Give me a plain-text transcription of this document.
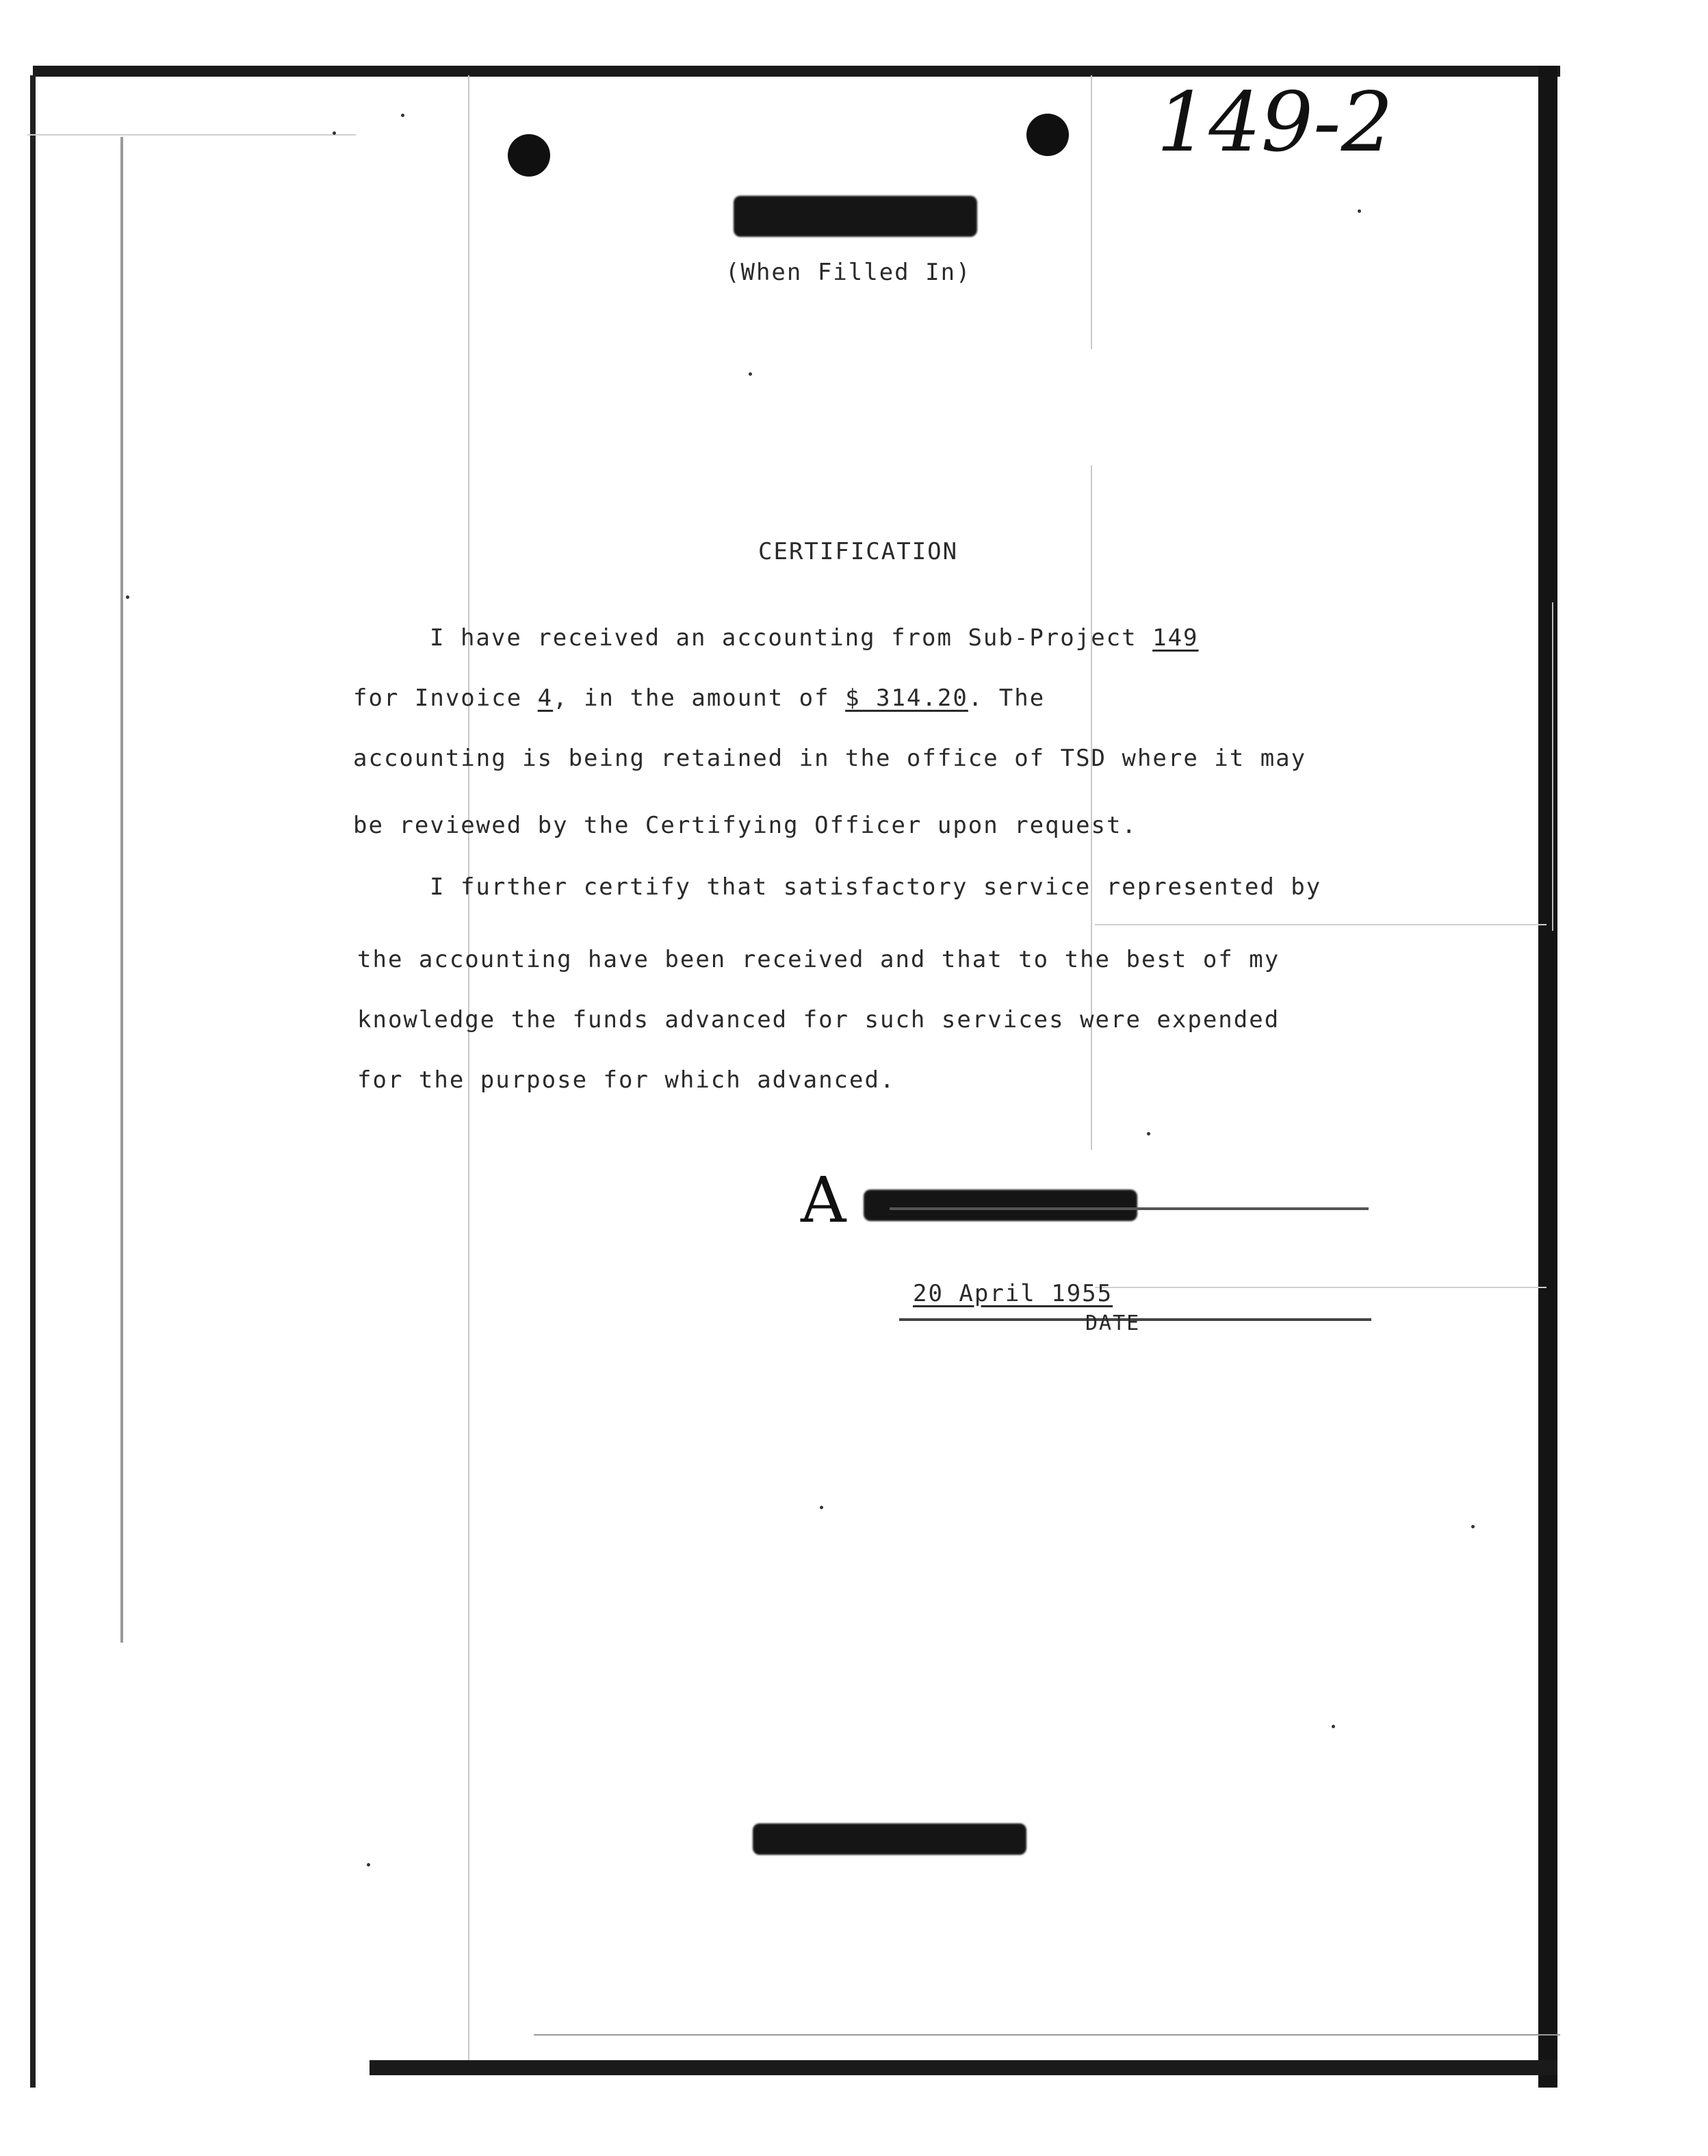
149-2
(When Filled In)
CERTIFICATION
I have received an accounting from Sub-Project 149
for Invoice 4, in the amount of $ 314.20. The
accounting is being retained in the office of TSD where it may
be reviewed by the Certifying Officer upon request.
I further certify that satisfactory service represented by
the accounting have been received and that to the best of my
knowledge the funds advanced for such services were expended
for the purpose for which advanced.
A
20 April 1955
DATE
